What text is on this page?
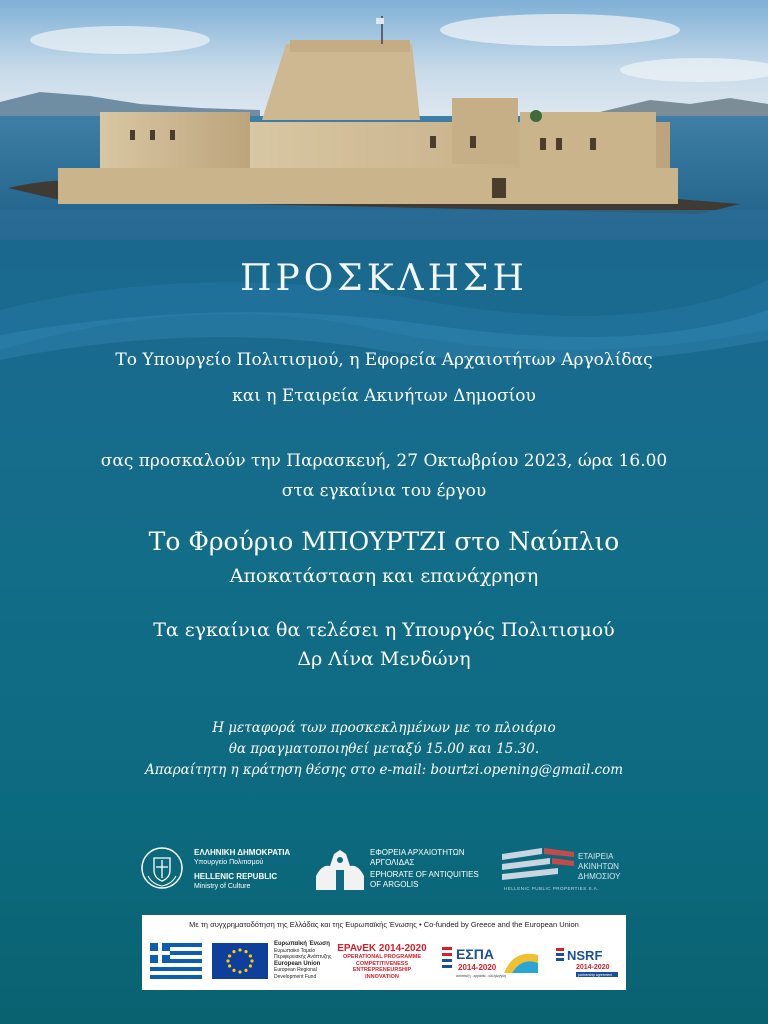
ΠΡΟΣΚΛΗΣΗ
Το Υπουργείο Πολιτισμού, η Εφορεία Αρχαιοτήτων Αργολίδας
και η Εταιρεία Ακινήτων Δημοσίου
σας προσκαλούν την Παρασκευή, 27 Οκτωβρίου 2023, ώρα 16.00
στα εγκαίνια του έργου
Το Φρούριο ΜΠΟΥΡΤΖΙ στο Ναύπλιο
Αποκατάσταση και επανάχρηση
Τα εγκαίνια θα τελέσει η Υπουργός Πολιτισμού
Δρ Λίνα Μενδώνη
Η μεταφορά των προσκεκλημένων με το πλοιάριο
θα πραγματοποιηθεί μεταξύ 15.00 και 15.30.
Απαραίτητη η κράτηση θέσης στο e-mail: bourtzi.opening@gmail.com
ΕΛΛΗΝΙΚΗ ΔΗΜΟΚΡΑΤΙΑ
Υπουργείο Πολιτισμού
HELLENIC REPUBLIC
Ministry of Culture
ΕΦΟΡΕΙΑ ΑΡΧΑΙΟΤΗΤΩΝ
ΑΡΓΟΛΙΔΑΣ
EPHORATE OF ANTIQUITIES
OF ARGOLIS
ΕΤΑΙΡΕΙΑ
ΑΚΙΝΗΤΩΝ
ΔΗΜΟΣΙΟΥ
HELLENIC PUBLIC PROPERTIES S.A.
Με τη συγχρηματοδότηση της Ελλάδας και της Ευρωπαϊκής Ένωσης • Co-funded by Greece and the European Union
Ευρωπαϊκή Ένωση
Ευρωπαϊκό Ταμείο
Περιφερειακής Ανάπτυξης
European Union
European Regional
Development Fund
ΕΡΑνΕΚ 2014-2020
OPERATIONAL PROGRAMME
COMPETITIVENESS
ENTREPRENEURSHIP
INNOVATION
ΕΣΠΑ
2014-2020
ανάπτυξη - εργασία - αλληλεγγύη
NSRF
2014-2020
partnership agreement
